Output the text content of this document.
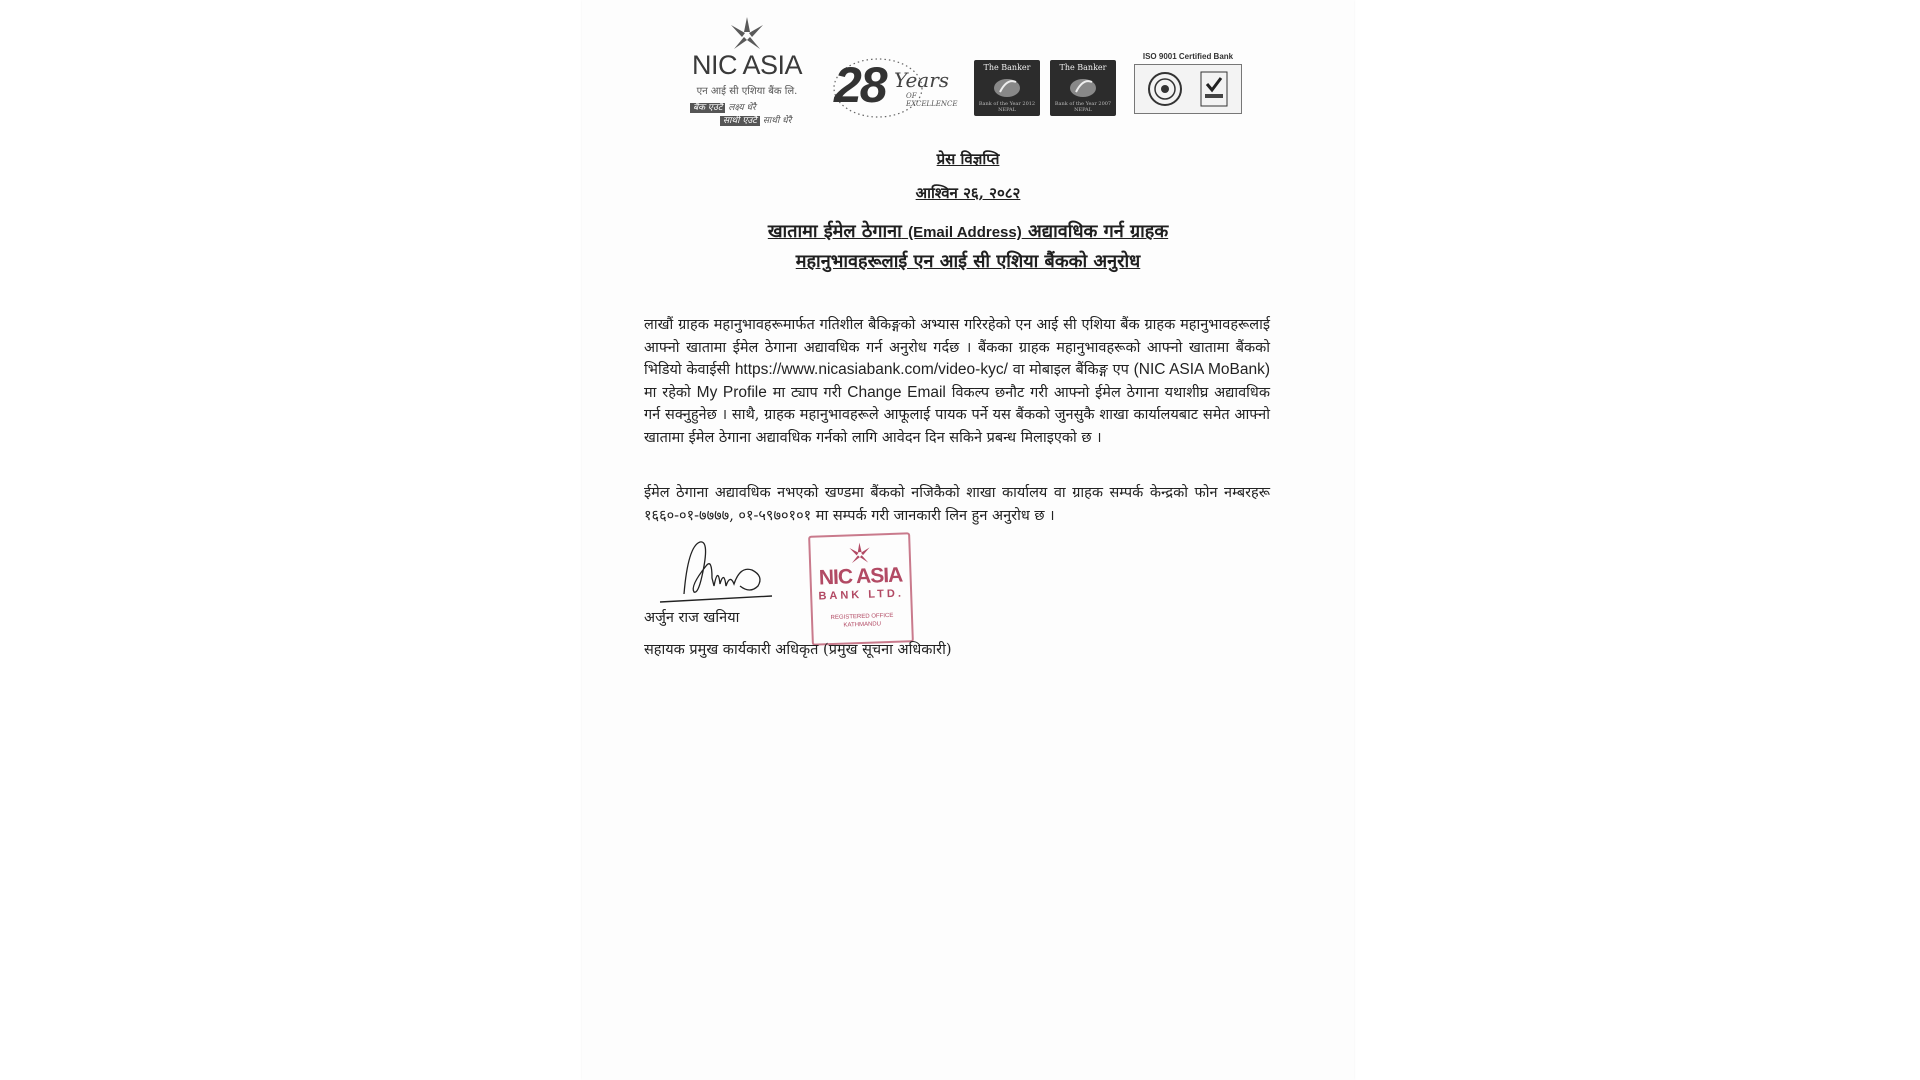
NIC ASIA
एन आई सी एशिया बैंक लि.
बैंक एउटै लक्ष्य धेरै
साथी एउटै साथी धेरै
28 Years
OF EXCELLENCE
The Banker
Bank of the Year 2012 NEPAL
The Banker
Bank of the Year 2007 NEPAL
ISO 9001 Certified Bank
प्रेस विज्ञप्ति
आश्विन २६, २०८२
खातामा ईमेल ठेगाना (Email Address) अद्यावधिक गर्न ग्राहक
महानुभावहरूलाई एन आई सी एशिया बैंकको अनुरोध

लाखौं ग्राहक महानुभावहरूमार्फत गतिशील बैकिङ्गको अभ्यास गरिरहेको एन आई सी एशिया बैंक ग्राहक महानुभावहरूलाई आफ्नो खातामा ईमेल ठेगाना अद्यावधिक गर्न अनुरोध गर्दछ । बैंकका ग्राहक महानुभावहरूको आफ्नो खातामा बैंकको भिडियो केवाईसी https://www.nicasiabank.com/video-kyc/ वा मोबाइल बैंकिङ्ग एप (NIC ASIA MoBank) मा रहेको My Profile मा ट्याप गरी Change Email विकल्प छनौट गरी आफ्नो ईमेल ठेगाना यथाशीघ्र अद्यावधिक गर्न सक्नुहुनेछ । साथै, ग्राहक महानुभावहरूले आफूलाई पायक पर्ने यस बैंकको जुनसुकै शाखा कार्यालयबाट समेत आफ्नो खातामा ईमेल ठेगाना अद्यावधिक गर्नको लागि आवेदन दिन सकिने प्रबन्ध मिलाइएको छ ।

ईमेल ठेगाना अद्यावधिक नभएको खण्डमा बैंकको नजिकैको शाखा कार्यालय वा ग्राहक सम्पर्क केन्द्रको फोन नम्बरहरू १६६०-०१-७७७७, ०१-५९७०१०१ मा सम्पर्क गरी जानकारी लिन हुन अनुरोध छ ।

NIC ASIA
BANK LTD.
REGISTERED OFFICE KATHMANDU
अर्जुन राज खनिया
सहायक प्रमुख कार्यकारी अधिकृत (प्रमुख सूचना अधिकारी)
